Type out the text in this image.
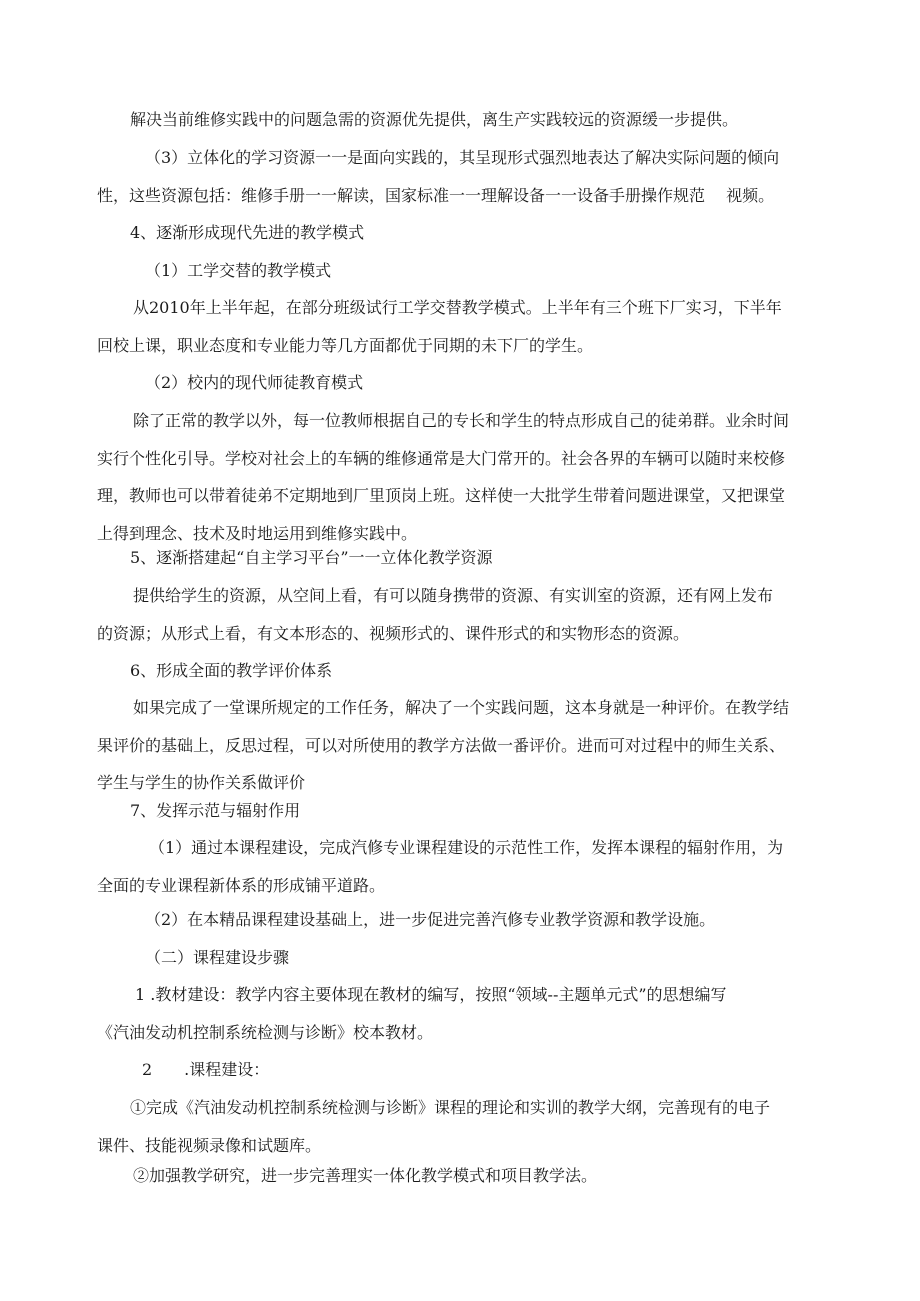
解决当前维修实践中的问题急需的资源优先提供，离生产实践较远的资源缓一步提供。

（3）立体化的学习资源一一是面向实践的，其呈现形式强烈地表达了解决实际问题的倾向
性，这些资源包括：维修手册一一解读，国家标准一一理解设备一一设备手册操作规范　 视频。

4、逐渐形成现代先进的教学模式

（1）工学交替的教学模式

从2010年上半年起，在部分班级试行工学交替教学模式。上半年有三个班下厂实习，下半年
回校上课，职业态度和专业能力等几方面都优于同期的未下厂的学生。

（2）校内的现代师徒教育模式

除了正常的教学以外，每一位教师根据自己的专长和学生的特点形成自己的徒弟群。业余时间
实行个性化引导。学校对社会上的车辆的维修通常是大门常开的。社会各界的车辆可以随时来校修
理，教师也可以带着徒弟不定期地到厂里顶岗上班。这样使一大批学生带着问题进课堂，又把课堂
上得到理念、技术及时地运用到维修实践中。

5、逐渐搭建起“自主学习平台”一一立体化教学资源

提供给学生的资源，从空间上看，有可以随身携带的资源、有实训室的资源，还有网上发布
的资源；从形式上看，有文本形态的、视频形式的、课件形式的和实物形态的资源。

6、形成全面的教学评价体系

如果完成了一堂课所规定的工作任务，解决了一个实践问题，这本身就是一种评价。在教学结
果评价的基础上，反思过程，可以对所使用的教学方法做一番评价。进而可对过程中的师生关系、
学生与学生的协作关系做评价

7、发挥示范与辐射作用

（1）通过本课程建设，完成汽修专业课程建设的示范性工作，发挥本课程的辐射作用，为
全面的专业课程新体系的形成铺平道路。

（2）在本精品课程建设基础上，进一步促进完善汽修专业教学资源和教学设施。

（二）课程建设步骤

1 .教材建设：教学内容主要体现在教材的编写，按照“领域--主题单元式”的思想编写
《汽油发动机控制系统检测与诊断》校本教材。

2　　.课程建设：

①完成《汽油发动机控制系统检测与诊断》课程的理论和实训的教学大纲，完善现有的电子
课件、技能视频录像和试题库。

②加强教学研究，进一步完善理实一体化教学模式和项目教学法。
